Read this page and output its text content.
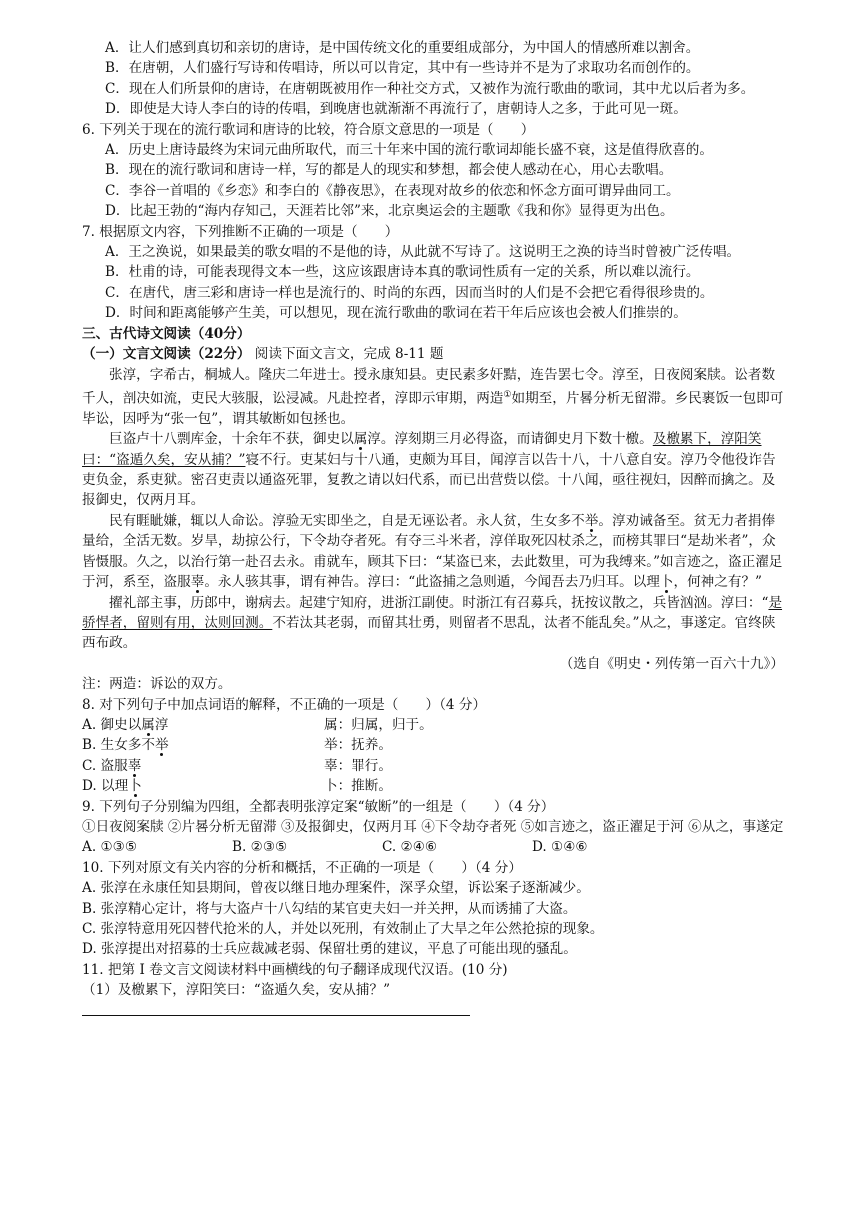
A．让人们感到真切和亲切的唐诗，是中国传统文化的重要组成部分，为中国人的情感所难以割舍。

B．在唐朝，人们盛行写诗和传唱诗，所以可以肯定，其中有一些诗并不是为了求取功名而创作的。

C．现在人们所景仰的唐诗，在唐朝既被用作一种社交方式，又被作为流行歌曲的歌词，其中尤以后者为多。

D．即使是大诗人李白的诗的传唱，到晚唐也就渐渐不再流行了，唐朝诗人之多，于此可见一斑。

6. 下列关于现在的流行歌词和唐诗的比较，符合原文意思的一项是（　　）

A．历史上唐诗最终为宋词元曲所取代，而三十年来中国的流行歌词却能长盛不衰，这是值得欣喜的。

B．现在的流行歌词和唐诗一样，写的都是人的现实和梦想，都会使人感动在心，用心去歌唱。

C．李谷一首唱的《乡恋》和李白的《静夜思》，在表现对故乡的依恋和怀念方面可谓异曲同工。

D．比起王勃的“海内存知己，天涯若比邻”来，北京奥运会的主题歌《我和你》显得更为出色。

7. 根据原文内容，下列推断不正确的一项是（　　）

A．王之涣说，如果最美的歌女唱的不是他的诗，从此就不写诗了。这说明王之涣的诗当时曾被广泛传唱。

B．杜甫的诗，可能表现得文本一些，这应该跟唐诗本真的歌词性质有一定的关系，所以难以流行。

C．在唐代，唐三彩和唐诗一样也是流行的、时尚的东西，因而当时的人们是不会把它看得很珍贵的。

D．时间和距离能够产生美，可以想见，现在流行歌曲的歌词在若干年后应该也会被人们推崇的。

三、古代诗文阅读（40分）

（一）文言文阅读（22分） 阅读下面文言文，完成 8-11 题

张淳，字希古，桐城人。隆庆二年进士。授永康知县。吏民素多奸黠，连告罢七令。淳至，日夜阅案牍。讼者数千人，剖决如流，吏民大骇服，讼浸减。凡赴控者，淳即示审期，两造①如期至，片晷分析无留滞。乡民裹饭一包即可毕讼，因呼为“张一包”，谓其敏断如包拯也。

巨盗卢十八剽库金，十余年不获，御史以属淳。淳刻期三月必得盗，而请御史月下数十檄。及檄累下，淳阳笑曰：“盗遁久矣，安从捕？”寝不行。吏某妇与十八通，吏颇为耳目，闻淳言以告十八，十八意自安。淳乃令他役诈告吏负金，系吏狱。密召吏责以通盗死罪，复教之请以妇代系，而已出营赀以偿。十八闻，亟往视妇，因醉而擒之。及报御史，仅两月耳。

民有睚眦嫌，辄以人命讼。淳验无实即坐之，自是无诬讼者。永人贫，生女多不举。淳劝诫备至。贫无力者捐俸量给，全活无数。岁旱，劫掠公行，下令劫夺者死。有夺三斗米者，淳佯取死囚杖杀之，而榜其罪曰“是劫米者”，众皆慑服。久之，以治行第一赴召去永。甫就车，顾其下曰：“某盗已来，去此数里，可为我缚来。”如言迹之，盗正濯足于河，系至，盗服辜。永人骇其事，谓有神告。淳曰：“此盗捕之急则遁，今闻吾去乃归耳。以理卜，何神之有？”

擢礼部主事，历郎中，谢病去。起建宁知府，进浙江副使。时浙江有召募兵，抚按议散之，兵皆汹汹。淳曰：“是骄悍者，留则有用，汰则回测。不若汰其老弱，而留其壮勇，则留者不思乱，汰者不能乱矣。”从之，事遂定。官终陕西布政。

（选自《明史・列传第一百六十九》）

注：两造：诉讼的双方。

8. 对下列句子中加点词语的解释，不正确的一项是（　　）（4 分）

A. 御史以属淳	属：归属，归于。
B. 生女多不举	举：抚养。
C. 盗服辜	辜：罪行。
D. 以理卜	卜：推断。

9. 下列句子分别编为四组，全都表明张淳定案“敏断”的一组是（　　）（4 分）

①日夜阅案牍 ②片晷分析无留滞 ③及报御史，仅两月耳 ④下令劫夺者死 ⑤如言迹之，盗正濯足于河 ⑥从之，事遂定

A. ①③⑤	B. ②③⑤	C. ②④⑥	D. ①④⑥

10. 下列对原文有关内容的分析和概括，不正确的一项是（　　）（4 分）

A. 张淳在永康任知县期间，曾夜以继日地办理案件，深孚众望，诉讼案子逐渐减少。

B. 张淳精心定计，将与大盗卢十八勾结的某官吏夫妇一并关押，从而诱捕了大盗。

C. 张淳特意用死囚替代抢米的人，并处以死刑，有效制止了大旱之年公然抢掠的现象。

D. 张淳提出对招募的士兵应裁减老弱、保留壮勇的建议，平息了可能出现的骚乱。

11. 把第 I 卷文言文阅读材料中画横线的句子翻译成现代汉语。(10 分)

（1）及檄累下，淳阳笑曰：“盗遁久矣，安从捕？”
